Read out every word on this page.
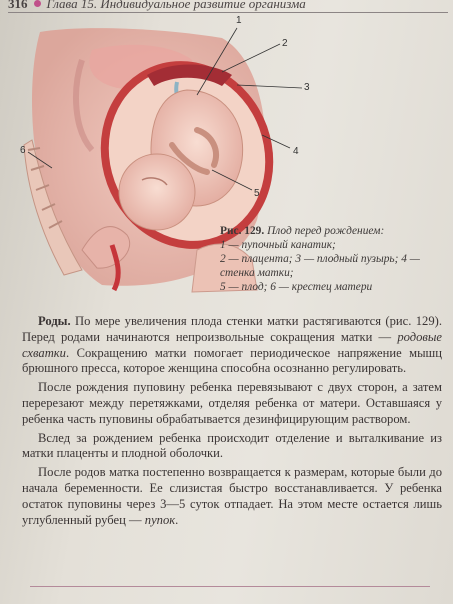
316 Глава 15. Индивидуальное развитие организма
1
2
3
4
5
6
Рис. 129. Плод перед рождением:
1 — пупочный канатик;
2 — плацента; 3 — плодный пузырь; 4 — стенка матки;
5 — плод; 6 — крестец матери

Роды. По мере увеличения плода стенки матки растягиваются (рис. 129). Перед родами начинаются непроизвольные сокращения матки — родовые схватки. Сокращению матки помогает периодическое напряжение мышц брюшного пресса, которое женщина способна осознанно регулировать.

После рождения пуповину ребенка перевязывают с двух сторон, а затем перерезают между перетяжками, отделяя ребенка от матери. Оставшаяся у ребенка часть пуповины обрабатывается дезинфицирующим раствором.

Вслед за рождением ребенка происходит отделение и выталкивание из матки плаценты и плодной оболочки.

После родов матка постепенно возвращается к размерам, которые были до начала беременности. Ее слизистая быстро восстанавливается. У ребенка остаток пуповины через 3—5 суток отпадает. На этом месте остается лишь углубленный рубец — пупок.
